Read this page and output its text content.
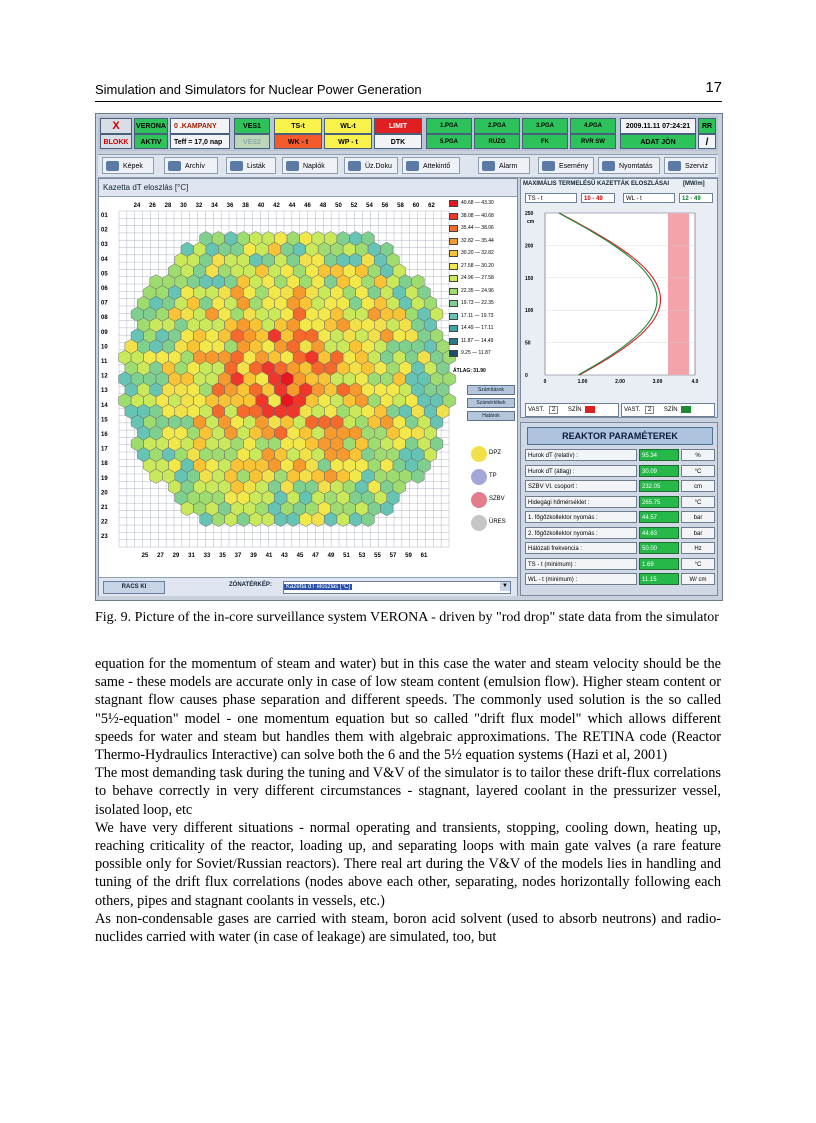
Simulation and Simulators for Nuclear Power Generation	17
X
BLOKK
VERONA
AKTIV
0 .KAMPANY
Teff = 17,0 nap
VES1
VES2
TS-t	WL-t	LIMIT
WK - t	WP - t	DTK
1.PGA	2.PGA	3.PGA	4.PGA
5.PGA	RUZG	FK	RVR SW
2009.11.11 07:24:21	RR
ADAT JÖN	/
Képek	Archív	Listák	Naplók	Üz.Doku	Attekintő	Alarm	Esemény	Nyomtatás	Szerviz
Kazetta dT eloszlás [°C]
24 26 28 30 32 34 36 38 40 42 44 46 48 50 52 54 56 58 60 62
25 27 29 31 33 35 37 39 41 43 45 47 49 51 53 55 57 59 61
01
02
03
04
05
06
07
08
09
10
11
12
13
14
15
16
17
18
19
20
21
22
23
40.68 — 43.30
38.08 — 40.68
35.44 — 38.06
32.82 — 35.44
30.20 — 32.82
27.58 — 30.20
24.96 — 27.58
22.35 — 24.96
19.73 — 22.35
17.11 — 19.73
14.49 — 17.11
11.87 — 14.49
9.25 — 11.87
ÁTLAG: 31.90
Számítások
Számértékek
Határok
DPZ
TP
SZBV
ÜRES
RACS KI	ZÓNATÉRKÉP:	Kazetta dT eloszlás [°C]	▼
MAXIMÁLIS TERMELÉSŰ KAZETTÁK ELOSZLÁSAI [MW/m]
TS - t	10 - 49	WL - t	12 - 49
250
200
150
100
50
0
cm
0	1.00	2.00	3.00	4.0
VAST. 2 SZÍN	VAST. 2 SZÍN
REAKTOR PARAMÉTEREK
Hurok dT (relatív) :	95.34	%
Hurok dT (átlag) :	30.09	°C
SZBV VI. csoport :	232.05	cm
Hidegági hőmérséklet :	265.75	°C
1. főgőzkollektor nyomás :	44.57	bar
2. főgőzkollektor nyomás :	44.63	bar
Hálózati frekvencia :	50.00	Hz
TS - t (minimum) :	1.69	°C
WL - t (minimum) :	11.15	W/ cm
Fig. 9. Picture of the in-core surveillance system VERONA - driven by "rod drop" state data from the simulator

equation for the momentum of steam and water) but in this case the water and steam velocity should be the same - these models are accurate only in case of low steam content (emulsion flow). Higher steam content or stagnant flow causes phase separation and different speeds. The commonly used solution is the so called "5½-equation" model - one momentum equation but so called "drift flux model" which allows different speeds for water and steam but handles them with algebraic approximations. The RETINA code (Reactor Thermo-Hydraulics Interactive) can solve both the 6 and the 5½ equation systems (Hazi et al, 2001)

The most demanding task during the tuning and V&V of the simulator is to tailor these drift-flux correlations to behave correctly in very different circumstances - stagnant, layered coolant in the pressurizer vessel, isolated loop, etc

We have very different situations - normal operating and transients, stopping, cooling down, heating up, reaching criticality of the reactor, loading up, and separating loops with main gate valves (a rare feature possible only for Soviet/Russian reactors). There real art during the V&V of the models lies in handling and tuning of the drift flux correlations (nodes above each other, separating, nodes horizontally following each others, pipes and stagnant coolants in vessels, etc.)

As non-condensable gases are carried with steam, boron acid solvent (used to absorb neutrons) and radio-nuclides carried with water (in case of leakage) are simulated, too, but
